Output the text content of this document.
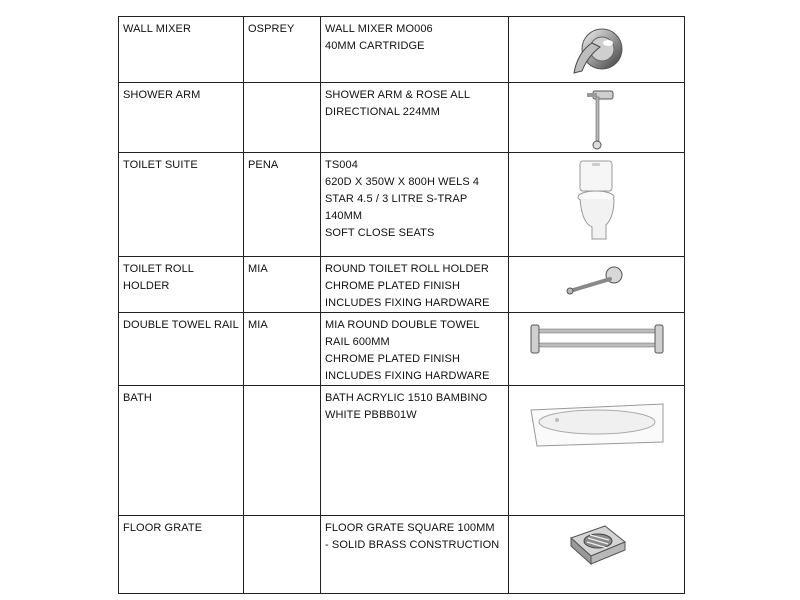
WALL MIXER	OSPREY	WALL MIXER MO006
40MM CARTRIDGE

SHOWER ARM		SHOWER ARM & ROSE ALL
DIRECTIONAL 224MM

TOILET SUITE	PENA	TS004
620D X 350W X 800H WELS 4
STAR 4.5 / 3 LITRE S-TRAP
140MM
SOFT CLOSE SEATS

TOILET ROLL HOLDER	MIA	ROUND TOILET ROLL HOLDER
CHROME PLATED FINISH
INCLUDES FIXING HARDWARE

DOUBLE TOWEL RAIL	MIA	MIA ROUND DOUBLE TOWEL
RAIL 600MM
CHROME PLATED FINISH
INCLUDES FIXING HARDWARE

BATH		BATH ACRYLIC 1510 BAMBINO
WHITE PBBB01W

FLOOR GRATE		FLOOR GRATE SQUARE 100MM
- SOLID BRASS CONSTRUCTION
